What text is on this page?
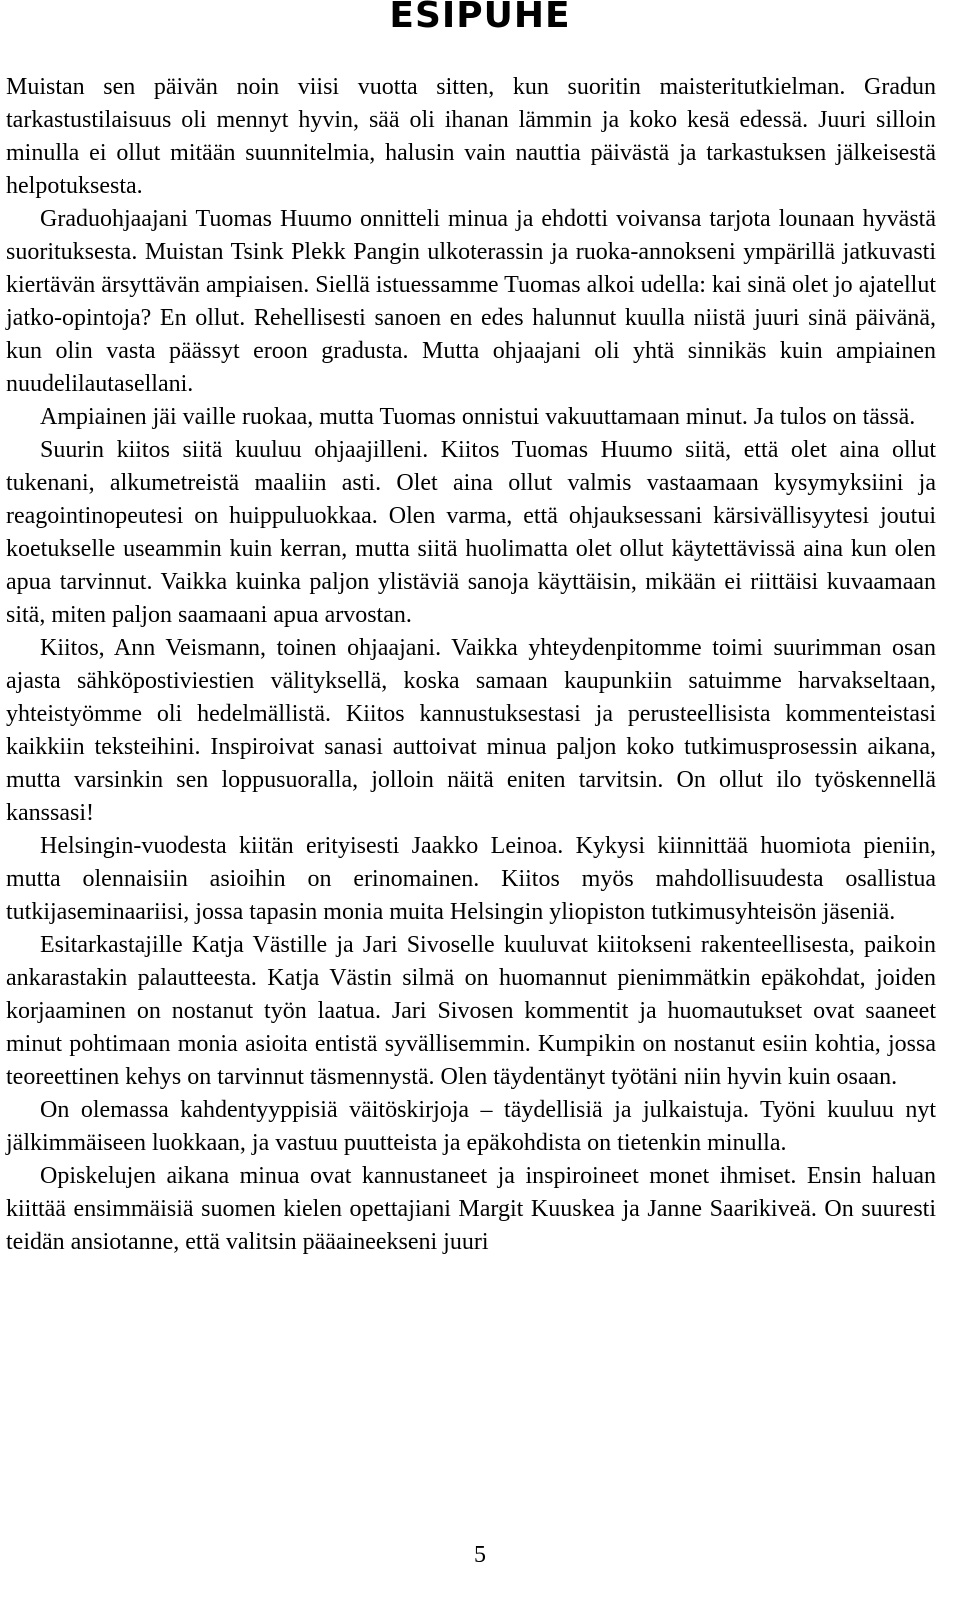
ESIPUHE

Muistan sen päivän noin viisi vuotta sitten, kun suoritin maisteritutkielman. Gradun tarkastustilaisuus oli mennyt hyvin, sää oli ihanan lämmin ja koko kesä edessä. Juuri silloin minulla ei ollut mitään suunnitelmia, halusin vain nauttia päivästä ja tarkastuksen jälkeisestä helpotuksesta.

Graduohjaajani Tuomas Huumo onnitteli minua ja ehdotti voivansa tarjota lounaan hyvästä suorituksesta. Muistan Tsink Plekk Pangin ulkoterassin ja ruoka-annokseni ympärillä jatkuvasti kiertävän ärsyttävän ampiaisen. Siellä istuessamme Tuomas alkoi udella: kai sinä olet jo ajatellut jatko-opintoja? En ollut. Rehellisesti sanoen en edes halunnut kuulla niistä juuri sinä päivänä, kun olin vasta päässyt eroon gradusta. Mutta ohjaajani oli yhtä sinnikäs kuin ampiainen nuudelilautasellani.

Ampiainen jäi vaille ruokaa, mutta Tuomas onnistui vakuuttamaan minut. Ja tulos on tässä.

Suurin kiitos siitä kuuluu ohjaajilleni. Kiitos Tuomas Huumo siitä, että olet aina ollut tukenani, alkumetreistä maaliin asti. Olet aina ollut valmis vastaamaan kysymyksiini ja reagointinopeutesi on huippuluokkaa. Olen varma, että ohjauksessani kärsivällisyytesi joutui koetukselle useammin kuin kerran, mutta siitä huolimatta olet ollut käytettävissä aina kun olen apua tarvinnut. Vaikka kuinka paljon ylistäviä sanoja käyttäisin, mikään ei riittäisi kuvaamaan sitä, miten paljon saamaani apua arvostan.

Kiitos, Ann Veismann, toinen ohjaajani. Vaikka yhteydenpitomme toimi suurimman osan ajasta sähköpostiviestien välityksellä, koska samaan kaupunkiin satuimme harvakseltaan, yhteistyömme oli hedelmällistä. Kiitos kannustuksestasi ja perusteellisista kommenteistasi kaikkiin teksteihini. Inspiroivat sanasi auttoivat minua paljon koko tutkimusprosessin aikana, mutta varsinkin sen loppusuoralla, jolloin näitä eniten tarvitsin. On ollut ilo työskennellä kanssasi!

Helsingin-vuodesta kiitän erityisesti Jaakko Leinoa. Kykysi kiinnittää huomiota pieniin, mutta olennaisiin asioihin on erinomainen. Kiitos myös mahdollisuudesta osallistua tutkijaseminaariisi, jossa tapasin monia muita Helsingin yliopiston tutkimusyhteisön jäseniä.

Esitarkastajille Katja Västille ja Jari Sivoselle kuuluvat kiitokseni rakenteellisesta, paikoin ankarastakin palautteesta. Katja Västin silmä on huomannut pienimmätkin epäkohdat, joiden korjaaminen on nostanut työn laatua. Jari Sivosen kommentit ja huomautukset ovat saaneet minut pohtimaan monia asioita entistä syvällisemmin. Kumpikin on nostanut esiin kohtia, jossa teoreettinen kehys on tarvinnut täsmennystä. Olen täydentänyt työtäni niin hyvin kuin osaan.

On olemassa kahdentyyppisiä väitöskirjoja – täydellisiä ja julkaistuja. Työni kuuluu nyt jälkimmäiseen luokkaan, ja vastuu puutteista ja epäkohdista on tietenkin minulla.

Opiskelujen aikana minua ovat kannustaneet ja inspiroineet monet ihmiset. Ensin haluan kiittää ensimmäisiä suomen kielen opettajiani Margit Kuuskea ja Janne Saarikiveä. On suuresti teidän ansiotanne, että valitsin pääaineekseni juuri

5
